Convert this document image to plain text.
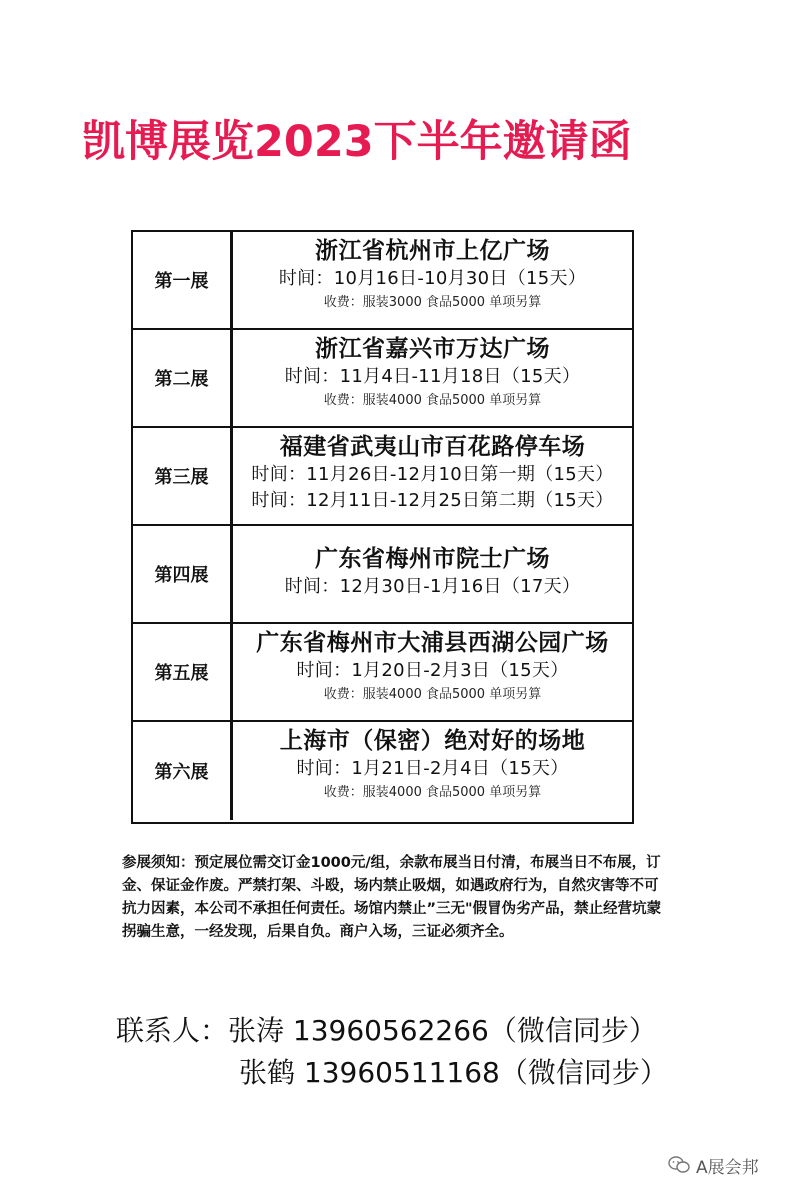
凯博展览2023下半年邀请函
第一展
浙江省杭州市上亿广场
时间：10月16日-10月30日（15天）
收费：服装3000 食品5000 单项另算
第二展
浙江省嘉兴市万达广场
时间：11月4日-11月18日（15天）
收费：服装4000 食品5000 单项另算
第三展
福建省武夷山市百花路停车场
时间：11月26日-12月10日第一期（15天）
时间：12月11日-12月25日第二期（15天）
第四展
广东省梅州市院士广场
时间：12月30日-1月16日（17天）
第五展
广东省梅州市大浦县西湖公园广场
时间：1月20日-2月3日（15天）
收费：服装4000 食品5000 单项另算
第六展
上海市（保密）绝对好的场地
时间：1月21日-2月4日（15天）
收费：服装4000 食品5000 单项另算
参展须知：预定展位需交订金1000元/组，余款布展当日付清，布展当日不布展，订金、保证金作废。严禁打架、斗殴，场内禁止吸烟，如遇政府行为，自然灾害等不可抗力因素，本公司不承担任何责任。场馆内禁止”三无"假冒伪劣产品，禁止经营坑蒙拐骗生意，一经发现，后果自负。商户入场，三证必须齐全。
联系人：张涛 13960562266（微信同步）
张鹤 13960511168（微信同步）
A展会邦
